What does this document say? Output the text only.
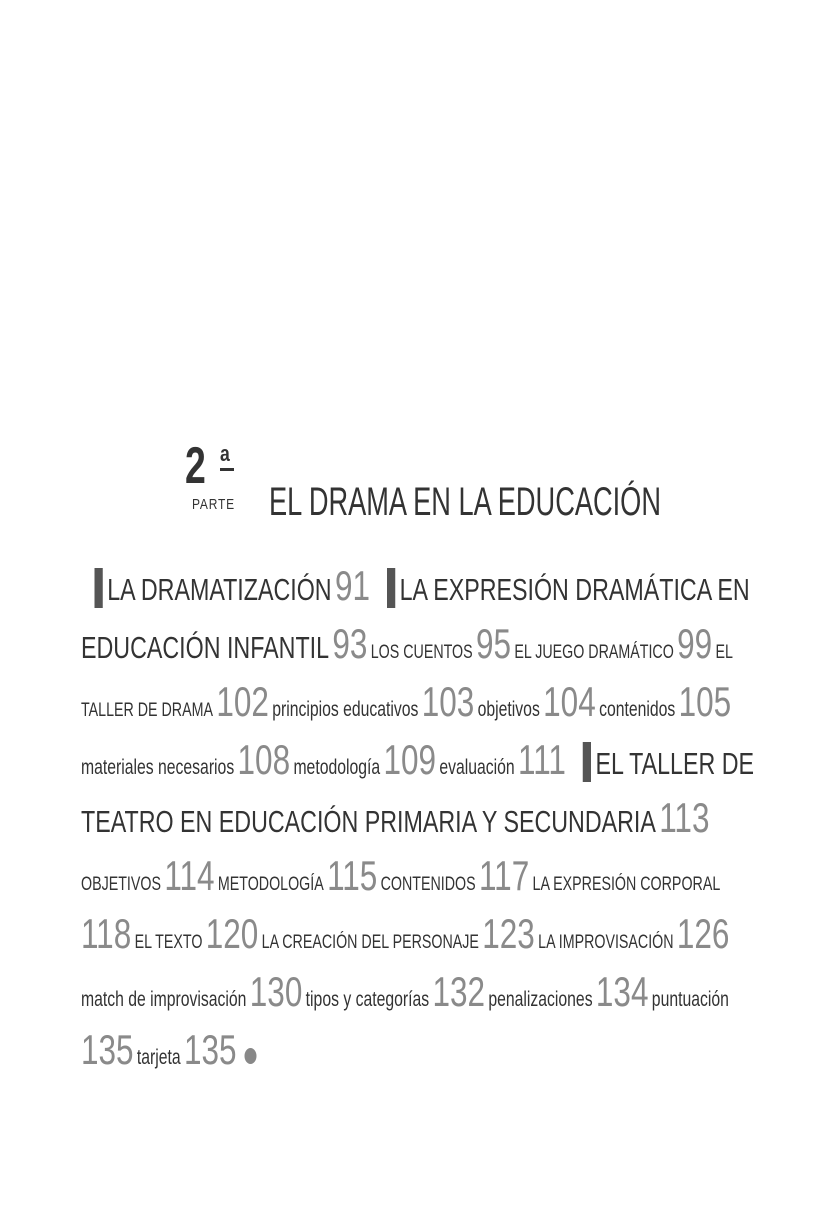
2 a
PARTE EL DRAMA EN LA EDUCACIÓN
LA DRAMATIZACIÓN 91 LA EXPRESIÓN DRAMÁTICA EN EDUCACIÓN INFANTIL 93 LOS CUENTOS 95 EL JUEGO DRAMÁTICO 99 EL TALLER DE DRAMA 102 principios educativos 103 objetivos 104 contenidos 105 materiales necesarios 108 metodología 109 evaluación 111 EL TALLER DE TEATRO EN EDUCACIÓN PRIMARIA Y SECUNDARIA 113 OBJETIVOS 114 METODOLOGÍA 115 CONTENIDOS 117 LA EXPRESIÓN CORPORAL 118 EL TEXTO 120 LA CREACIÓN DEL PERSONAJE 123 LA IMPROVISACIÓN 126 match de improvisación 130 tipos y categorías 132 penalizaciones 134 puntuación 135 tarjeta 135
